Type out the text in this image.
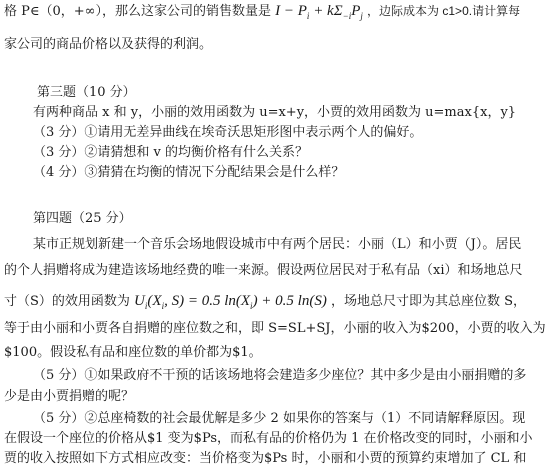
格 P∈（0，+∞），那么这家公司的销售数量是 $I - P_i + k\Sigma_{-i}P_j$ ，边际成本为 c1>0.请计算每
家公司的商品价格以及获得的利润。
第三题（10 分）
有两种商品 x 和 y，小丽的效用函数为 u=x+y，小贾的效用函数为 u=max{x，y}
（3 分）①请用无差异曲线在埃奇沃思矩形图中表示两个人的偏好。
（3 分）②请猜想和 v 的均衡价格有什么关系？
（4 分）③猜猜在均衡的情况下分配结果会是什么样？
第四题（25 分）
某市正规划新建一个音乐会场地假设城市中有两个居民：小丽（L）和小贾（J）。居民
的个人捐赠将成为建造该场地经费的唯一来源。假设两位居民对于私有品（xi）和场地总尺
寸（S）的效用函数为 $U_i(X_i$, S) = 0.5 $\ln(X_i) + 0.5$ ln(S) ，场地总尺寸即为其总座位数 S，
等于由小丽和小贾各自捐赠的座位数之和，即 S=SL+SJ，小丽的收入为$200，小贾的收入为
$100。假设私有品和座位数的单价都为$1。
（5 分）①如果政府不干预的话该场地将会建造多少座位？其中多少是由小丽捐赠的多
少是由小贾捐赠的呢？
（5 分）②总座椅数的社会最优解是多少 2 如果你的答案与（1）不同请解释原因。现
在假设一个座位的价格从$1 变为$Ps，而私有品的价格仍为 1 在价格改变的同时，小丽和小
贾的收入按照如下方式相应改变：当价格变为$Ps 时，小丽和小贾的预算约束增加了 CL 和
